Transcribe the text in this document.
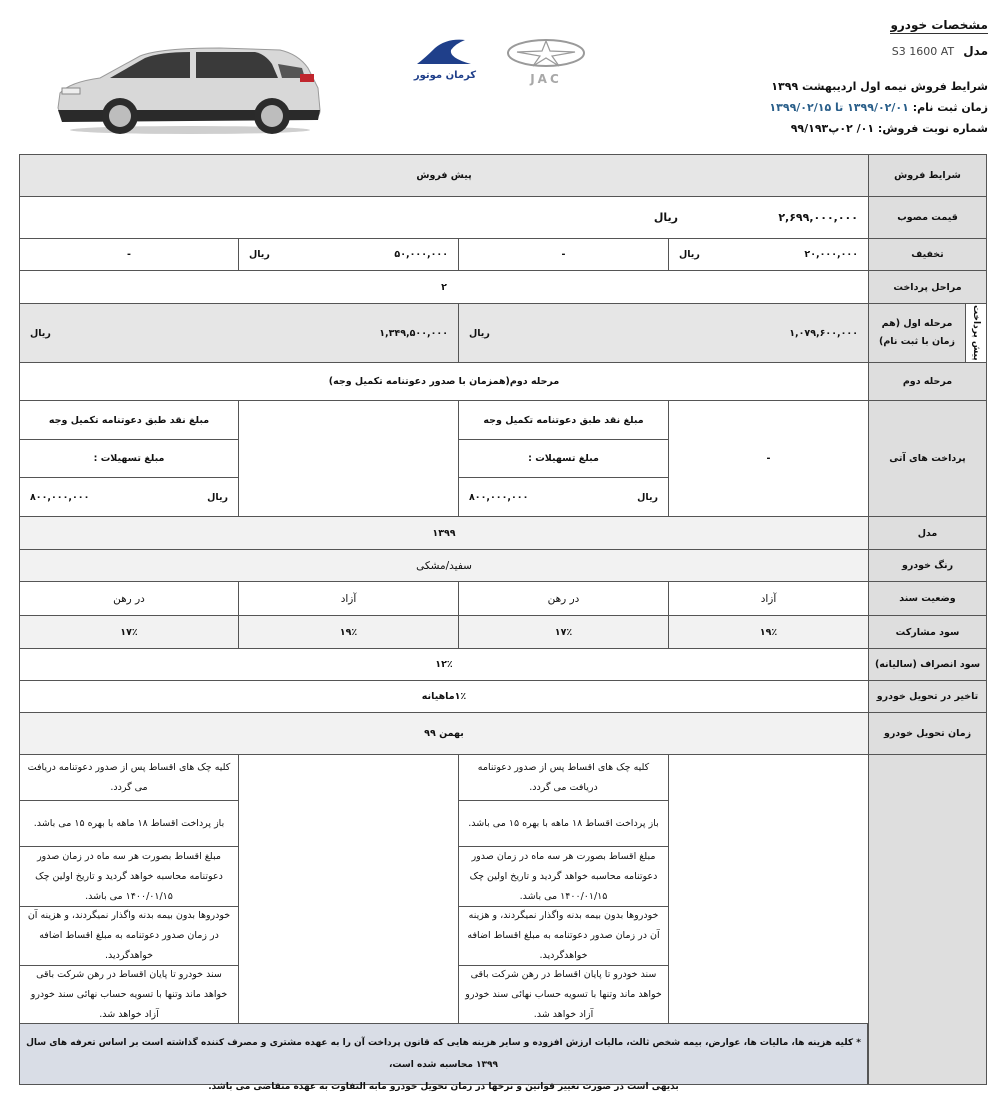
کرمان موتور	JAC
مشخصات خودرو
مدل S3 1600 AT
شرایط فروش نیمه اول اردیبهشت ۱۳۹۹
زمان ثبت نام: ۱۳۹۹/۰۲/۰۱ تا ۱۳۹۹/۰۲/۱۵
شماره نوبت فروش: ۰۱/ ۰۲پ۹۹/۱۹۳
شرایط فروش
پیش فروش
قیمت مصوب
۲,۶۹۹,۰۰۰,۰۰۰
ریال
تخفیف
۲۰,۰۰۰,۰۰۰
ریال
-
۵۰,۰۰۰,۰۰۰
ریال
-
مراحل پرداخت
۲
پیش پرداخت
مرحله اول (هم زمان با ثبت نام)
۱,۰۷۹,۶۰۰,۰۰۰
ریال
۱,۳۴۹,۵۰۰,۰۰۰
ریال
مرحله دوم
مرحله دوم(همزمان با صدور دعوتنامه تکمیل وجه)
پرداخت های آتی
-
مبلغ نقد طبق دعوتنامه تکمیل وجه
مبلغ تسهیلات :
ریال
۸۰۰,۰۰۰,۰۰۰
مبلغ نقد طبق دعوتنامه تکمیل وجه
مبلغ تسهیلات :
ریال
۸۰۰,۰۰۰,۰۰۰
مدل
۱۳۹۹
رنگ خودرو
سفید/مشکی
وضعیت سند
آزاد
در رهن
آزاد
در رهن
سود مشارکت
۱۹٪
۱۷٪
۱۹٪
۱۷٪
سود انصراف (سالیانه)
۱۲٪
تاخیر در تحویل خودرو
۱٪ماهیانه
زمان تحویل خودرو
بهمن ۹۹
کلیه چک های اقساط پس از صدور دعوتنامه دریافت می گردد.
باز پرداخت اقساط ۱۸ ماهه با بهره ۱۵ می باشد.
مبلغ اقساط بصورت هر سه ماه در زمان صدور دعوتنامه محاسبه خواهد گردید و تاریخ اولین چک ۱۴۰۰/۰۱/۱۵ می باشد.
خودروها بدون بیمه بدنه واگذار نمیگردند، و هزینه آن در زمان صدور دعوتنامه به مبلغ اقساط اضافه خواهدگردید.
سند خودرو تا پایان اقساط در رهن شرکت باقی خواهد ماند وتنها با تسویه حساب نهائی سند خودرو آزاد خواهد شد.
کلیه چک های اقساط پس از صدور دعوتنامه دریافت می گردد.
باز پرداخت اقساط ۱۸ ماهه با بهره ۱۵ می باشد.
مبلغ اقساط بصورت هر سه ماه در زمان صدور دعوتنامه محاسبه خواهد گردید و تاریخ اولین چک ۱۴۰۰/۰۱/۱۵ می باشد.
خودروها بدون بیمه بدنه واگذار نمیگردند، و هزینه آن در زمان صدور دعوتنامه به مبلغ اقساط اضافه خواهدگردید.
سند خودرو تا پایان اقساط در رهن شرکت باقی خواهد ماند وتنها با تسویه حساب نهائی سند خودرو آزاد خواهد شد.
* کلیه هزینه ها، مالیات ها، عوارض، بیمه شخص ثالث، مالیات ارزش افزوده و سایر هزینه هایی که قانون پرداخت آن را به عهده مشتری و مصرف کننده گذاشته است بر اساس تعرفه های سال ۱۳۹۹ محاسبه شده است،
بدیهی است در صورت تغییر قوانین و نرخها در زمان تحویل خودرو مابه التفاوت به عهده متقاضی می باشد.
